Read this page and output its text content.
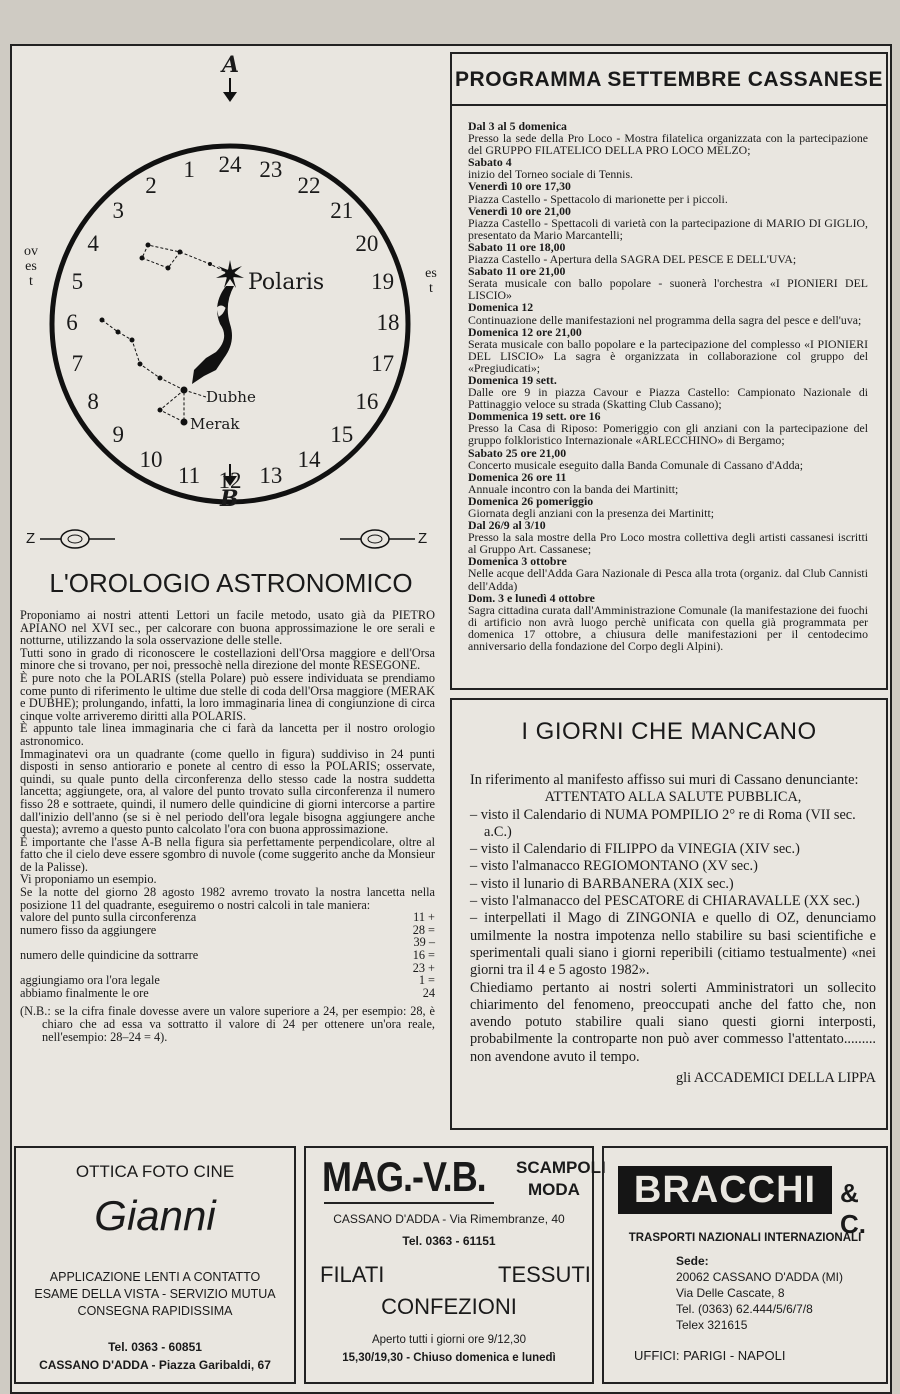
A
B
ovest
est
Polaris
Dubhe
Merak
Z	Z
1
2
3
4
5
6
7
8
9
10
11 12 13
14
15
16
17
18
19
20
21
22
23
24
L'OROLOGIO ASTRONOMICO

Proponiamo ai nostri attenti Lettori un facile metodo, usato già da PIETRO APIANO nel XVI sec., per calcorare con buona approssimazione le ore serali e notturne, utilizzando la sola osservazione delle stelle.

Tutti sono in grado di riconoscere le costellazioni dell'Orsa maggiore e dell'Orsa minore che si trovano, per noi, pressochè nella direzione del monte RESEGONE.

È pure noto che la POLARIS (stella Polare) può essere individuata se prendiamo come punto di riferimento le ultime due stelle di coda dell'Orsa maggiore (MERAK e DUBHE); prolungando, infatti, la loro immaginaria linea di congiunzione di circa cinque volte arriveremo diritti alla POLARIS.

È appunto tale linea immaginaria che ci farà da lancetta per il nostro orologio astronomico.

Immaginatevi ora un quadrante (come quello in figura) suddiviso in 24 punti disposti in senso antiorario e ponete al centro di esso la POLARIS; osservate, quindi, su quale punto della circonferenza dello stesso cade la nostra suddetta lancetta; aggiungete, ora, al valore del punto trovato sulla circonferenza il numero fisso 28 e sottraete, quindi, il numero delle quindicine di giorni intercorse a partire dall'inizio dell'anno (se si è nel periodo dell'ora legale bisogna aggiungere anche questa); avremo a questo punto calcolato l'ora con buona approssimazione.

È importante che l'asse A-B nella figura sia perfettamente perpendicolare, oltre al fatto che il cielo deve essere sgombro di nuvole (come suggerito anche da Monsieur de la Palisse).

Vi proponiamo un esempio.

Se la notte del giorno 28 agosto 1982 avremo trovato la nostra lancetta nella posizione 11 del quadrante, eseguiremo o nostri calcoli in tale maniera:

valore del punto sulla circonferenza	11 +
numero fisso da aggiungere	28 =
39 –
numero delle quindicine da sottrarre	16 =
23 +
aggiungiamo ora l'ora legale	1 =
abbiamo finalmente le ore	24

(N.B.: se la cifra finale dovesse avere un valore superiore a 24, per esempio: 28, è chiaro che ad essa va sottratto il valore di 24 per ottenere un'ora reale, nell'esempio: 28–24 = 4).

PROGRAMMA SETTEMBRE CASSANESE

Dal 3 al 5 domenica

Presso la sede della Pro Loco - Mostra filatelica organizzata con la partecipazione del GRUPPO FILATELICO DELLA PRO LOCO MELZO;

Sabato 4

inizio del Torneo sociale di Tennis.

Venerdì 10 ore 17,30

Piazza Castello - Spettacolo di marionette per i piccoli.

Venerdì 10 ore 21,00

Piazza Castello - Spettacoli di varietà con la partecipazione di MARIO DI GIGLIO, presentato da Mario Marcantelli;

Sabato 11 ore 18,00

Piazza Castello - Apertura della SAGRA DEL PESCE E DELL'UVA;

Sabato 11 ore 21,00

Serata musicale con ballo popolare - suonerà l'orchestra «I PIONIERI DEL LISCIO»

Domenica 12

Continuazione delle manifestazioni nel programma della sagra del pesce e dell'uva;

Domenica 12 ore 21,00

Serata musicale con ballo popolare e la partecipazione del complesso «I PIONIERI DEL LISCIO» La sagra è organizzata in collaborazione col gruppo del «Pregiudicati»;

Domenica 19 sett.

Dalle ore 9 in piazza Cavour e Piazza Castello: Campionato Nazionale di Pattinaggio veloce su strada (Skatting Club Cassano);

Dommenica 19 sett. ore 16

Presso la Casa di Riposo: Pomeriggio con gli anziani con la partecipazione del gruppo folkloristico Internazionale «ARLECCHINO» di Bergamo;

Sabato 25 ore 21,00

Concerto musicale eseguito dalla Banda Comunale di Cassano d'Adda;

Domenica 26 ore 11

Annuale incontro con la banda dei Martinitt;

Domenica 26 pomeriggio

Giornata degli anziani con la presenza dei Martinitt;

Dal 26/9 al 3/10

Presso la sala mostre della Pro Loco mostra collettiva degli artisti cassanesi iscritti al Gruppo Art. Cassanese;

Domenica 3 ottobre

Nelle acque dell'Adda Gara Nazionale di Pesca alla trota (organiz. dal Club Cannisti dell'Adda)

Dom. 3 e lunedì 4 ottobre

Sagra cittadina curata dall'Amministrazione Comunale (la manifestazione dei fuochi di artificio non avrà luogo perchè unificata con quella già programmata per domenica 17 ottobre, a chiusura delle manifestazioni per il centodecimo anniversario della fondazione del Corpo degli Alpini).

I GIORNI CHE MANCANO

In riferimento al manifesto affisso sui muri di Cassano denunciante:

ATTENTATO ALLA SALUTE PUBBLICA,

– visto il Calendario di NUMA POMPILIO 2° re di Roma (VII sec. a.C.)

– visto il Calendario di FILIPPO da VINEGIA (XIV sec.)

– visto l'almanacco REGIOMONTANO (XV sec.)

– visto il lunario di BARBANERA (XIX sec.)

– visto l'almanacco del PESCATORE di CHIARAVALLE (XX sec.)

– interpellati il Mago di ZINGONIA e quello di OZ, denunciamo umilmente la nostra impotenza nello stabilire su basi scientifiche e sperimentali quali siano i giorni reperibili (citiamo testualmente) «nei giorni tra il 4 e 5 agosto 1982».

Chiediamo pertanto ai nostri solerti Amministratori un sollecito chiarimento del fenomeno, preoccupati anche del fatto che, non avendo potuto stabilire quali siano questi giorni interposti, probabilmente la controparte non può aver commesso l'attentato......... non avendone avuto il tempo.

gli ACCADEMICI DELLA LIPPA

OTTICA FOTO CINE
Gianni
APPLICAZIONE LENTI A CONTATTO
ESAME DELLA VISTA - SERVIZIO MUTUA
CONSEGNA RAPIDISSIMA
Tel. 0363 - 60851
CASSANO D'ADDA - Piazza Garibaldi, 67
MAG.-V.B. SCAMPOLI
MODA
CASSANO D'ADDA - Via Rimembranze, 40
Tel. 0363 - 61151
FILATI	TESSUTI
CONFEZIONI
Aperto tutti i giorni ore 9/12,30
15,30/19,30 - Chiuso domenica e lunedì
BRACCHI & C.
TRASPORTI NAZIONALI INTERNAZIONALI
Sede:
20062 CASSANO D'ADDA (MI)
Via Delle Cascate, 8
Tel. (0363) 62.444/5/6/7/8
Telex 321615
UFFICI: PARIGI - NAPOLI
